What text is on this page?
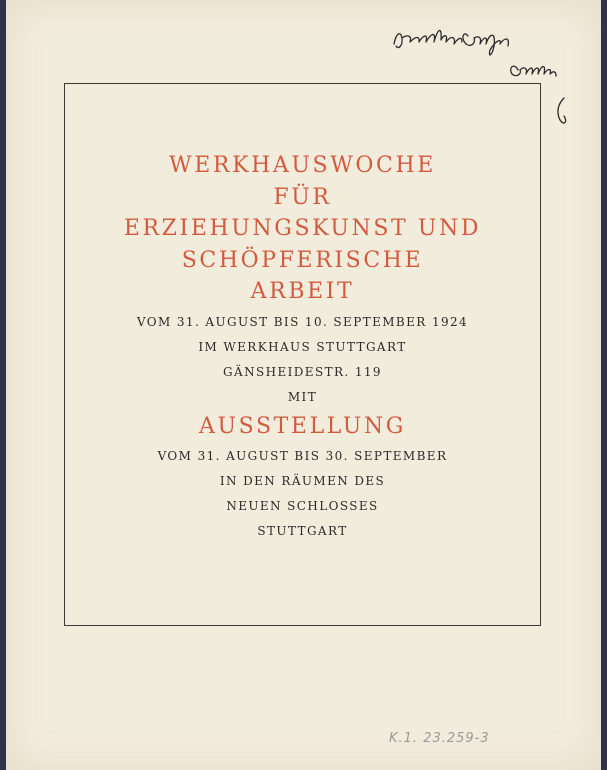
WERKHAUSWOCHE

FÜR

ERZIEHUNGSKUNST UND

SCHÖPFERISCHE

ARBEIT

VOM 31. AUGUST BIS 10. SEPTEMBER 1924

IM WERKHAUS STUTTGART

GÄNSHEIDESTR. 119

MIT

AUSSTELLUNG

VOM 31. AUGUST BIS 30. SEPTEMBER

IN DEN RÄUMEN DES

NEUEN SCHLOSSES

STUTTGART

K.1. 23.259-3
